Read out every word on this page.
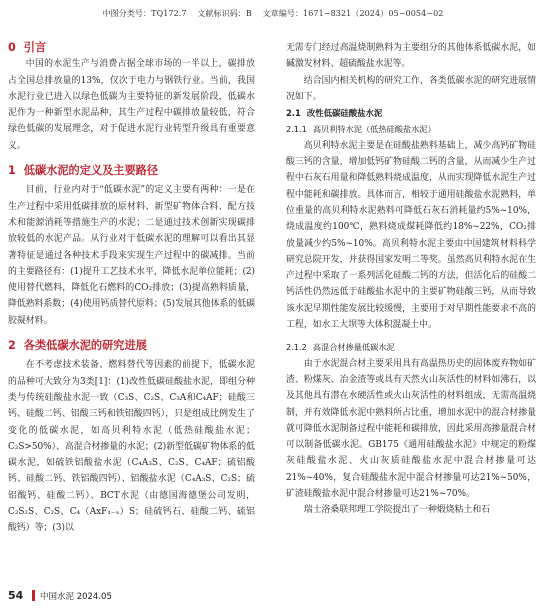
中图分类号：TQ172.7 文献标识码：B 文章编号：1671−8321（2024）05−0054−02
0 引言

中国的水泥生产与消费占据全球市场的一半以上，碳排放占全国总排放量的13%，仅次于电力与钢铁行业。当前，我国水泥行业已进入以绿色低碳为主要特征的新发展阶段，低碳水泥作为一种新型水泥品种，其生产过程中碳排放量较低，符合绿色低碳的发展理念，对于促进水泥行业转型升级具有重要意义。

1 低碳水泥的定义及主要路径

目前，行业内对于“低碳水泥”的定义主要有两种：一是在生产过程中采用低碳排放的原材料、新型矿物体合料、配方技术和能源消耗等措施生产的水泥；二是通过技术创新实现碳排放较低的水泥产品。从行业对于低碳水泥的理解可以看出其显著特征是通过各种技术手段来实现生产过程中的碳减排。当前的主要路径有：(1)提升工艺技术水平，降低水泥单位能耗；(2)使用替代燃料，降低化石燃料的CO₂排放；(3)提高熟料质量，降低熟料系数；(4)使用钙质替代原料；(5)发展其他体系的低碳胶凝材料。

2 各类低碳水泥的研究进展

在不考虑技术装备、燃料替代等因素的前提下，低碳水泥的品种可大致分为3类[1]：(1)改性低碳硅酸盐水泥，即组分种类与传统硅酸盐水泥一致（C₃S、C₂S、C₃A和C₄AF；硅酸三钙、硅酸二钙、铝酸三钙和铁铝酸四钙），只是组成比例发生了变化的低碳水泥，如高贝利特水泥（低热硅酸盐水泥；C₂S>50%）、高混合材掺量的水泥；(2)新型低碳矿物体系的低碳水泥，如硫铁铝酸盐水泥（C₄A₃S、C₂S、C₄AF；硫铝酸钙、硅酸二钙、铁铝酸四钙）、铝酸盐水泥（C₄A₃S、C₂S；硫铝酸钙、硅酸二钙）、BCT水泥（由德国海德堡公司发明，C₂S₂S、C₂S、C₄（AxF₁₋ₓ）S；硅硫钙石、硅酸二钙、硫铝酸钙）等；(3)以

无需专门经过高温烧制熟料为主要组分的其他体系低碳水泥，如碱激发材料、超硫酸盐水泥等。

结合国内相关机构的研究工作，各类低碳水泥的研究进展情况如下。

2.1 改性低碳硅酸盐水泥
2.1.1 高贝利特水泥（低热硅酸盐水泥）

高贝利特水泥主要是在硅酸盐熟料基础上，减少高钙矿物硅酸三钙的含量，增加低钙矿物硅酸二钙的含量，从而减少生产过程中石灰石用量和降低熟料烧成温度，从而实现降低水泥生产过程中能耗和碳排放。具体而言，相较于通用硅酸盐水泥熟料，单位重量的高贝利特水泥熟料可降低石灰石消耗量约5%~10%，烧成温度约100℃，熟料烧成煤耗降低约18%~22%，CO₂排放量减少约5%~10%。高贝利特水泥主要由中国建筑材料科学研究总院开发，并获得国家发明二等奖。虽然高贝利特水泥在生产过程中采取了一系列活化硅酸二钙的方法，但活化后的硅酸二钙活性仍然远低于硅酸盐水泥中的主要矿物硅酸三钙，从而导致该水泥早期性能发展比较缓慢，主要用于对早期性能要求不高的工程，如水工大坝等大体积混凝土中。

2.1.2 高混合材掺量低碳水泥

由于水泥混合材主要采用具有高温热历史的固体废弃物如矿渣、粉煤灰、冶金渣等或具有天然火山灰活性的材料如沸石，以及其他具有潜在水硬活性或火山灰活性的材料组成，无需高温烧制，并有效降低水泥中熟料所占比重，增加水泥中的混合材掺量就可降低水泥制备过程中能耗和碳排放，因此采用高掺量混合材可以制备低碳水泥。GB175《通用硅酸盐水泥》中规定的粉煤灰硅酸盐水泥、火山灰质硅酸盐水泥中混合材掺量可达21%~40%，复合硅酸盐水泥中混合材掺量可达21%~50%，矿渣硅酸盐水泥中混合材掺量可达21%~70%。

瑞士洛桑联邦理工学院提出了一种煅烧粘土和石

54 中国水泥 2024.05
